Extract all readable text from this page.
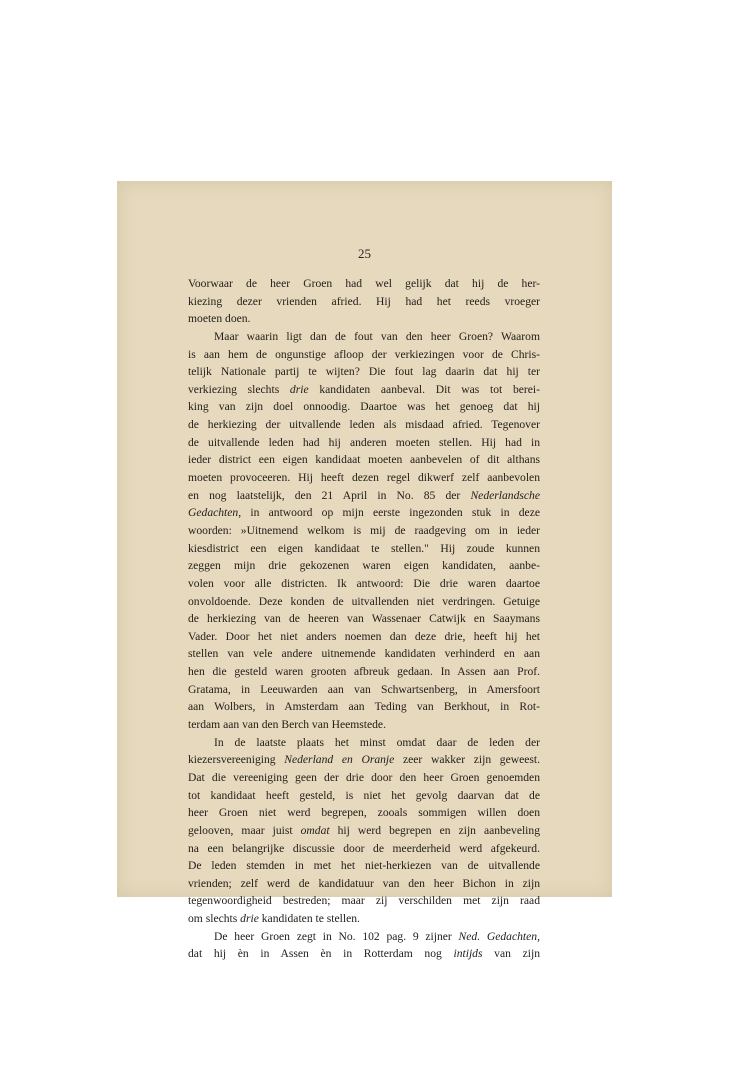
25
Voorwaar de heer Groen had wel gelijk dat hij de her-
kiezing dezer vrienden afried. Hij had het reeds vroeger
moeten doen.
Maar waarin ligt dan de fout van den heer Groen? Waarom
is aan hem de ongunstige afloop der verkiezingen voor de Chris-
telijk Nationale partij te wijten? Die fout lag daarin dat hij ter
verkiezing slechts drie kandidaten aanbeval. Dit was tot berei-
king van zijn doel onnoodig. Daartoe was het genoeg dat hij
de herkiezing der uitvallende leden als misdaad afried. Tegenover
de uitvallende leden had hij anderen moeten stellen. Hij had in
ieder district een eigen kandidaat moeten aanbevelen of dit althans
moeten provoceeren. Hij heeft dezen regel dikwerf zelf aanbevolen
en nog laatstelijk, den 21 April in No. 85 der Nederlandsche
Gedachten, in antwoord op mijn eerste ingezonden stuk in deze
woorden: »Uitnemend welkom is mij de raadgeving om in ieder
kiesdistrict een eigen kandidaat te stellen." Hij zoude kunnen
zeggen mijn drie gekozenen waren eigen kandidaten, aanbe-
volen voor alle districten. Ik antwoord: Die drie waren daartoe
onvoldoende. Deze konden de uitvallenden niet verdringen. Getuige
de herkiezing van de heeren van Wassenaer Catwijk en Saaymans
Vader. Door het niet anders noemen dan deze drie, heeft hij het
stellen van vele andere uitnemende kandidaten verhinderd en aan
hen die gesteld waren grooten afbreuk gedaan. In Assen aan Prof.
Gratama, in Leeuwarden aan van Schwartsenberg, in Amersfoort
aan Wolbers, in Amsterdam aan Teding van Berkhout, in Rot-
terdam aan van den Berch van Heemstede.
In de laatste plaats het minst omdat daar de leden der
kiezersvereeniging Nederland en Oranje zeer wakker zijn geweest.
Dat die vereeniging geen der drie door den heer Groen genoemden
tot kandidaat heeft gesteld, is niet het gevolg daarvan dat de
heer Groen niet werd begrepen, zooals sommigen willen doen
gelooven, maar juist omdat hij werd begrepen en zijn aanbeveling
na een belangrijke discussie door de meerderheid werd afgekeurd.
De leden stemden in met het niet-herkiezen van de uitvallende
vrienden; zelf werd de kandidatuur van den heer Bichon in zijn
tegenwoordigheid bestreden; maar zij verschilden met zijn raad
om slechts drie kandidaten te stellen.
De heer Groen zegt in No. 102 pag. 9 zijner Ned. Gedachten,
dat hij èn in Assen èn in Rotterdam nog intijds van zijn
